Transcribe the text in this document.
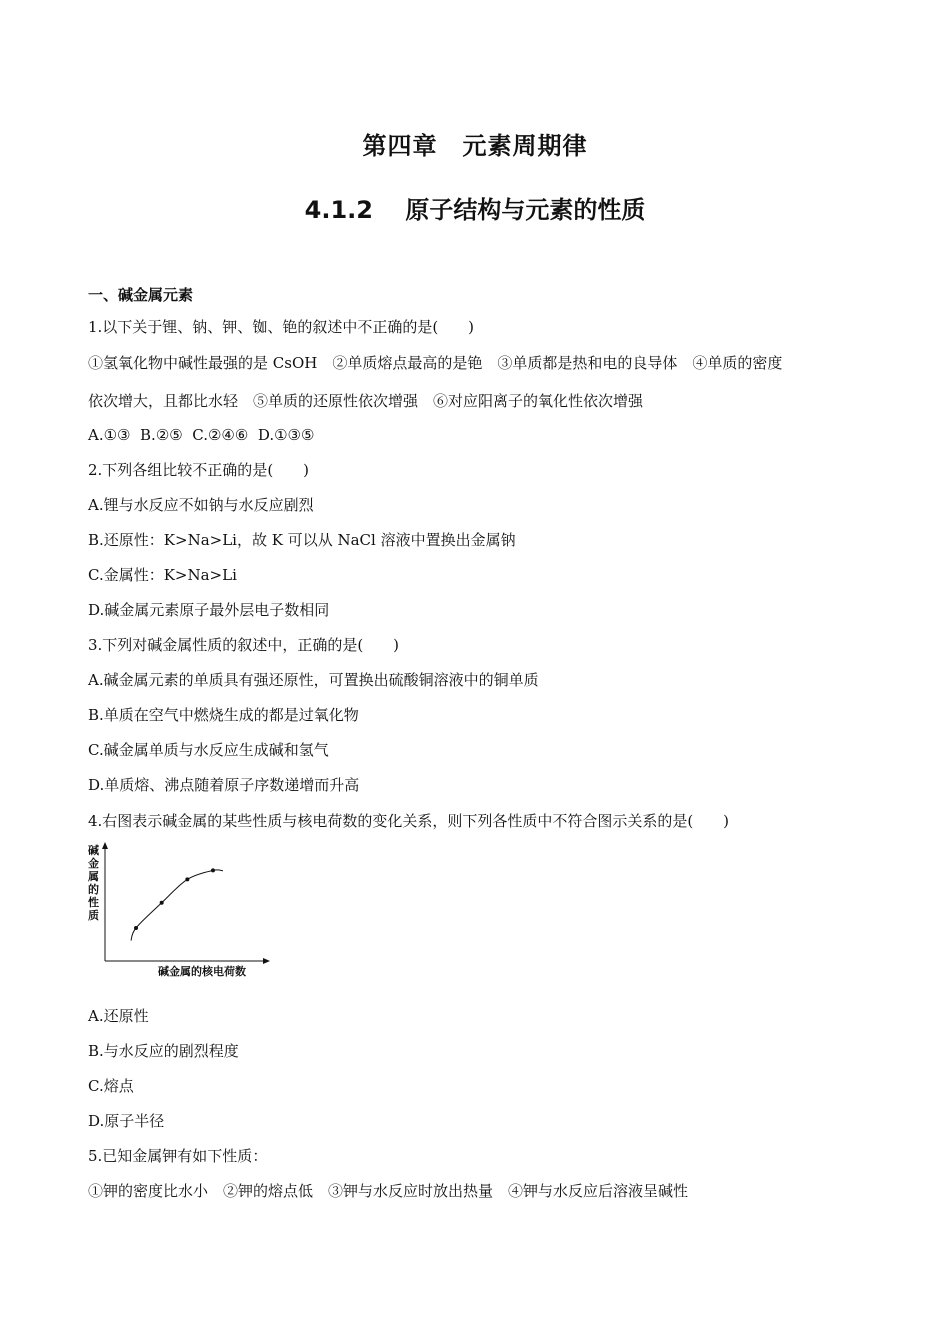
第四章　元素周期律
4.1.2　 原子结构与元素的性质
一、碱金属元素
1.以下关于锂、钠、钾、铷、铯的叙述中不正确的是(　　)
①氢氧化物中碱性最强的是 CsOH　②单质熔点最高的是铯　③单质都是热和电的良导体　④单质的密度
依次增大，且都比水轻　⑤单质的还原性依次增强　⑥对应阳离子的氧化性依次增强
A.①③  B.②⑤  C.②④⑥  D.①③⑤
2.下列各组比较不正确的是(　　)
A.锂与水反应不如钠与水反应剧烈
B.还原性：K>Na>Li，故 K 可以从 NaCl 溶液中置换出金属钠
C.金属性：K>Na>Li
D.碱金属元素原子最外层电子数相同
3.下列对碱金属性质的叙述中，正确的是(　　)
A.碱金属元素的单质具有强还原性，可置换出硫酸铜溶液中的铜单质
B.单质在空气中燃烧生成的都是过氧化物
C.碱金属单质与水反应生成碱和氢气
D.单质熔、沸点随着原子序数递增而升高
4.右图表示碱金属的某些性质与核电荷数的变化关系，则下列各性质中不符合图示关系的是(　　)
碱
金
属
的
性
质
碱金属的核电荷数
A.还原性
B.与水反应的剧烈程度
C.熔点
D.原子半径
5.已知金属钾有如下性质：
①钾的密度比水小　②钾的熔点低　③钾与水反应时放出热量　④钾与水反应后溶液呈碱性
